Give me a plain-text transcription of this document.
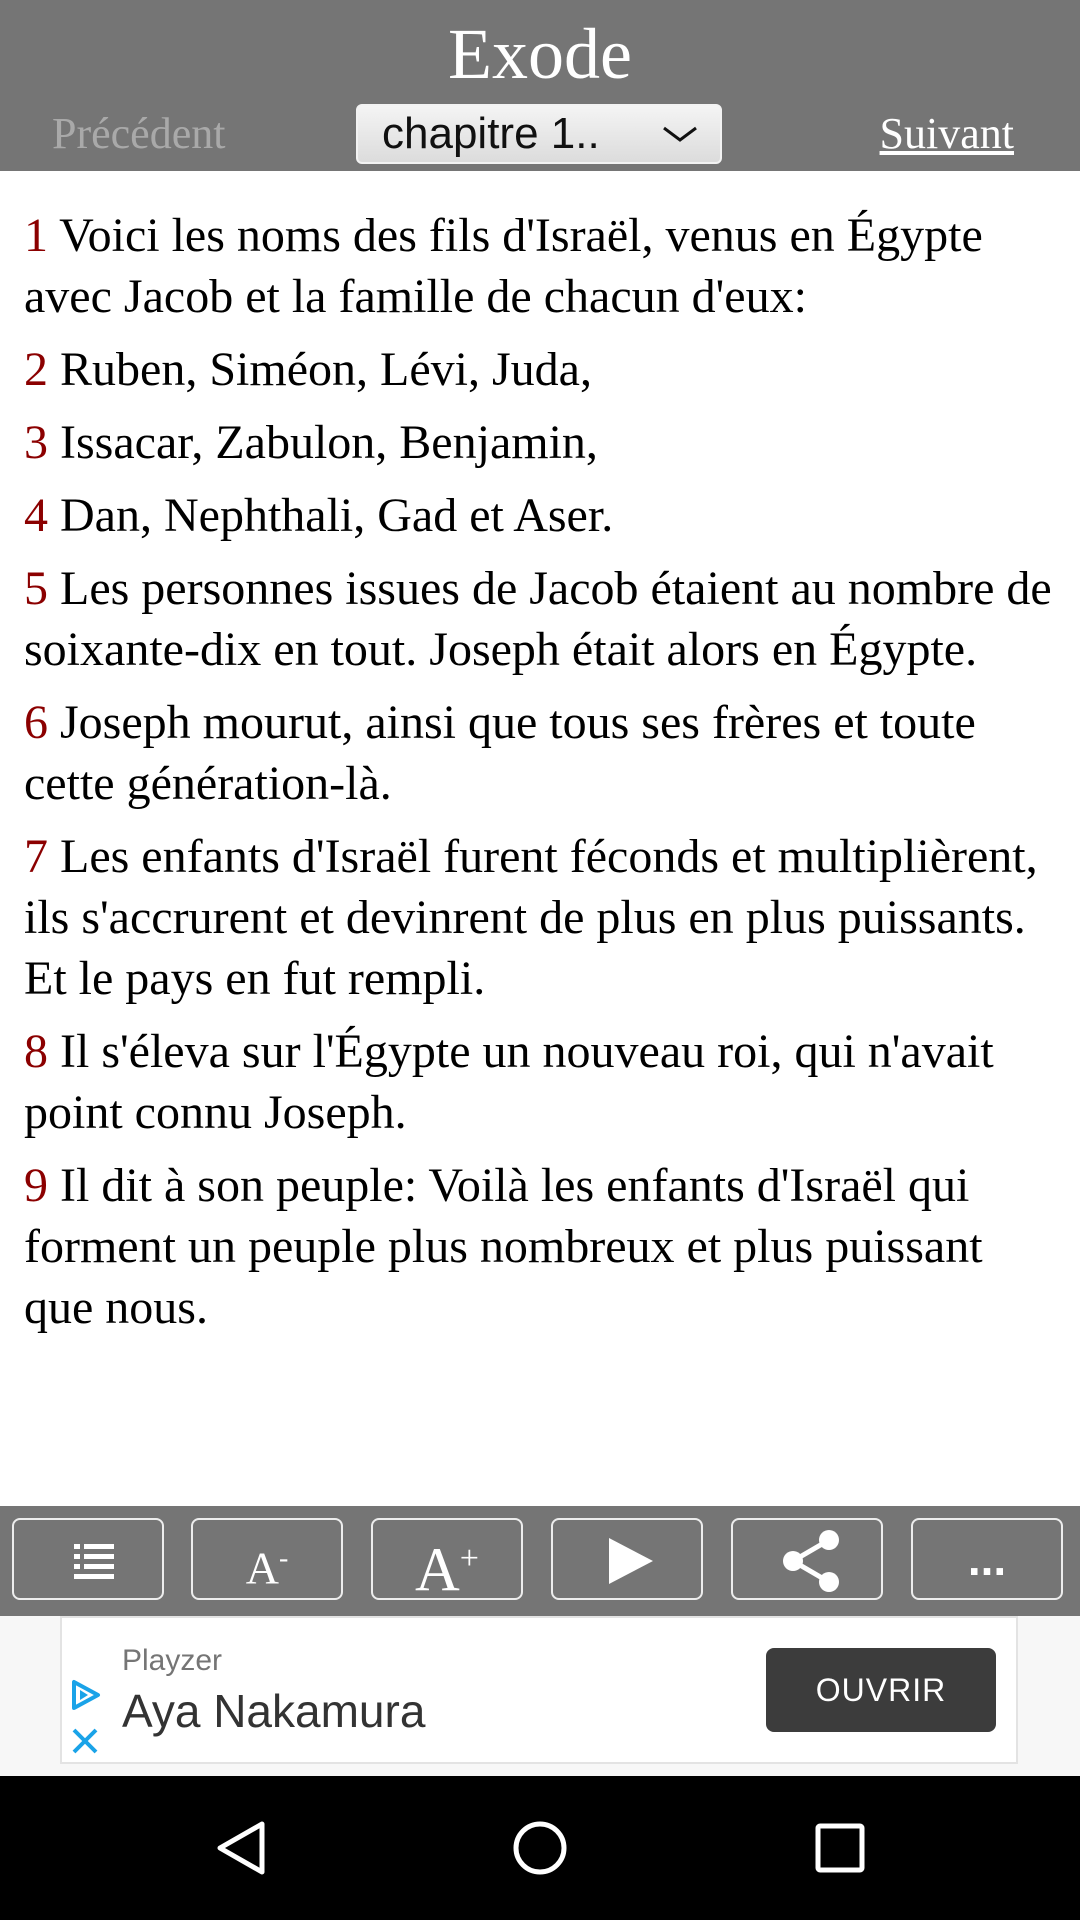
Exode
Précédent	chapitre 1..	Suivant

1 Voici les noms des fils d'Israël, venus en Égypte avec Jacob et la famille de chacun d'eux:

2 Ruben, Siméon, Lévi, Juda,

3 Issacar, Zabulon, Benjamin,

4 Dan, Nephthali, Gad et Aser.

5 Les personnes issues de Jacob étaient au nombre de soixante-dix en tout. Joseph était alors en Égypte.

6 Joseph mourut, ainsi que tous ses frères et toute cette génération-là.

7 Les enfants d'Israël furent féconds et multiplièrent, ils s'accrurent et devinrent de plus en plus puissants. Et le pays en fut rempli.

8 Il s'éleva sur l'Égypte un nouveau roi, qui n'avait point connu Joseph.

9 Il dit à son peuple: Voilà les enfants d'Israël qui forment un peuple plus nombreux et plus puissant que nous.

A-	A+	...
Playzer
Aya Nakamura	OUVRIR
